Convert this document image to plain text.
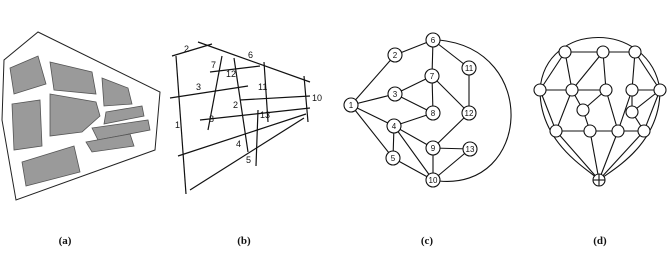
(a)
2
6
7
12
3	11
2
10
8	13
1
4
5
(b)
1
2
3
4
5
6
7
8
9
10
11
12
13
(c)	(d)
